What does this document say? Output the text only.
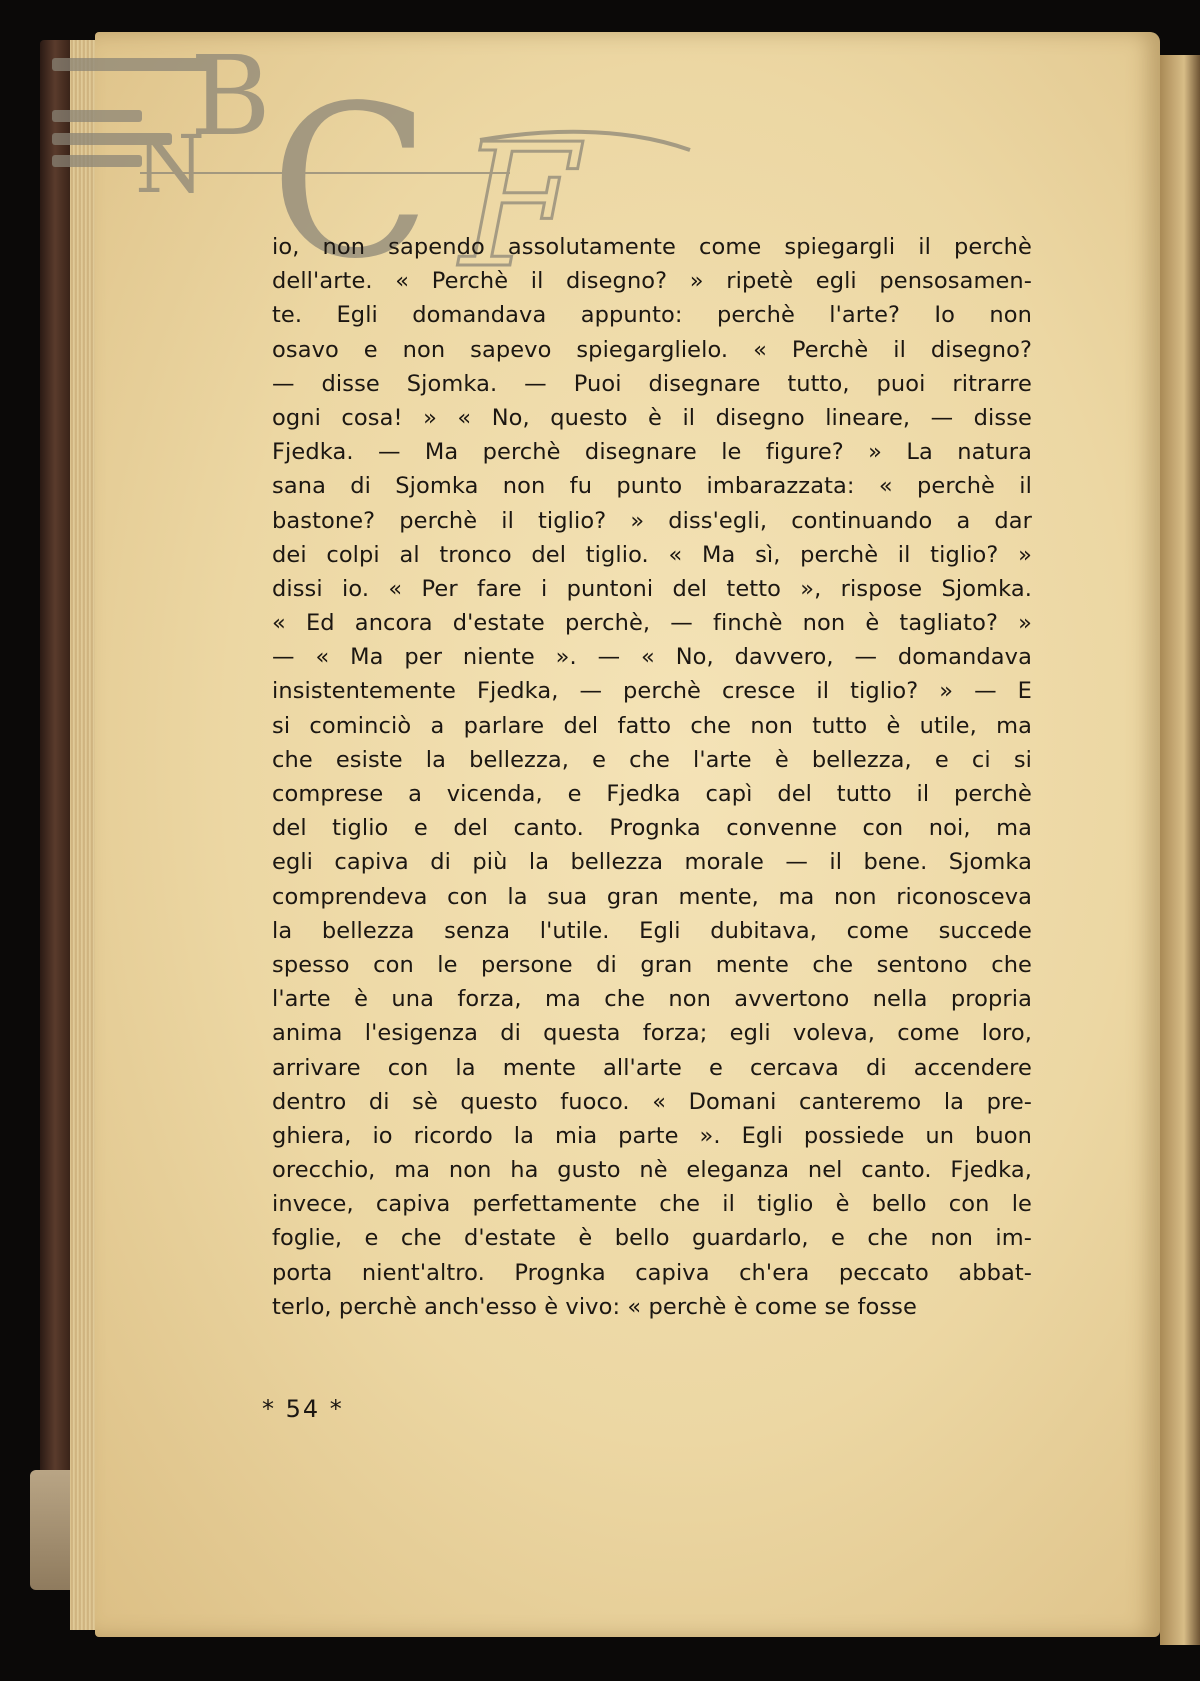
B
N C F
io, non sapendo assolutamente come spiegargli il perchè
dell'arte. « Perchè il disegno? » ripetè egli pensosamen-
te. Egli domandava appunto: perchè l'arte? Io non
osavo e non sapevo spiegarglielo. « Perchè il disegno?
— disse Sjomka. — Puoi disegnare tutto, puoi ritrarre
ogni cosa! » « No, questo è il disegno lineare, — disse
Fjedka. — Ma perchè disegnare le figure? » La natura
sana di Sjomka non fu punto imbarazzata: « perchè il
bastone? perchè il tiglio? » diss'egli, continuando a dar
dei colpi al tronco del tiglio. « Ma sì, perchè il tiglio? »
dissi io. « Per fare i puntoni del tetto », rispose Sjomka.
« Ed ancora d'estate perchè, — finchè non è tagliato? »
— « Ma per niente ». — « No, davvero, — domandava
insistentemente Fjedka, — perchè cresce il tiglio? » — E
si cominciò a parlare del fatto che non tutto è utile, ma
che esiste la bellezza, e che l'arte è bellezza, e ci si
comprese a vicenda, e Fjedka capì del tutto il perchè
del tiglio e del canto. Prognka convenne con noi, ma
egli capiva di più la bellezza morale — il bene. Sjomka
comprendeva con la sua gran mente, ma non riconosceva
la bellezza senza l'utile. Egli dubitava, come succede
spesso con le persone di gran mente che sentono che
l'arte è una forza, ma che non avvertono nella propria
anima l'esigenza di questa forza; egli voleva, come loro,
arrivare con la mente all'arte e cercava di accendere
dentro di sè questo fuoco. « Domani canteremo la pre-
ghiera, io ricordo la mia parte ». Egli possiede un buon
orecchio, ma non ha gusto nè eleganza nel canto. Fjedka,
invece, capiva perfettamente che il tiglio è bello con le
foglie, e che d'estate è bello guardarlo, e che non im-
porta nient'altro. Prognka capiva ch'era peccato abbat-
terlo, perchè anch'esso è vivo: « perchè è come se fosse
* 54 *
